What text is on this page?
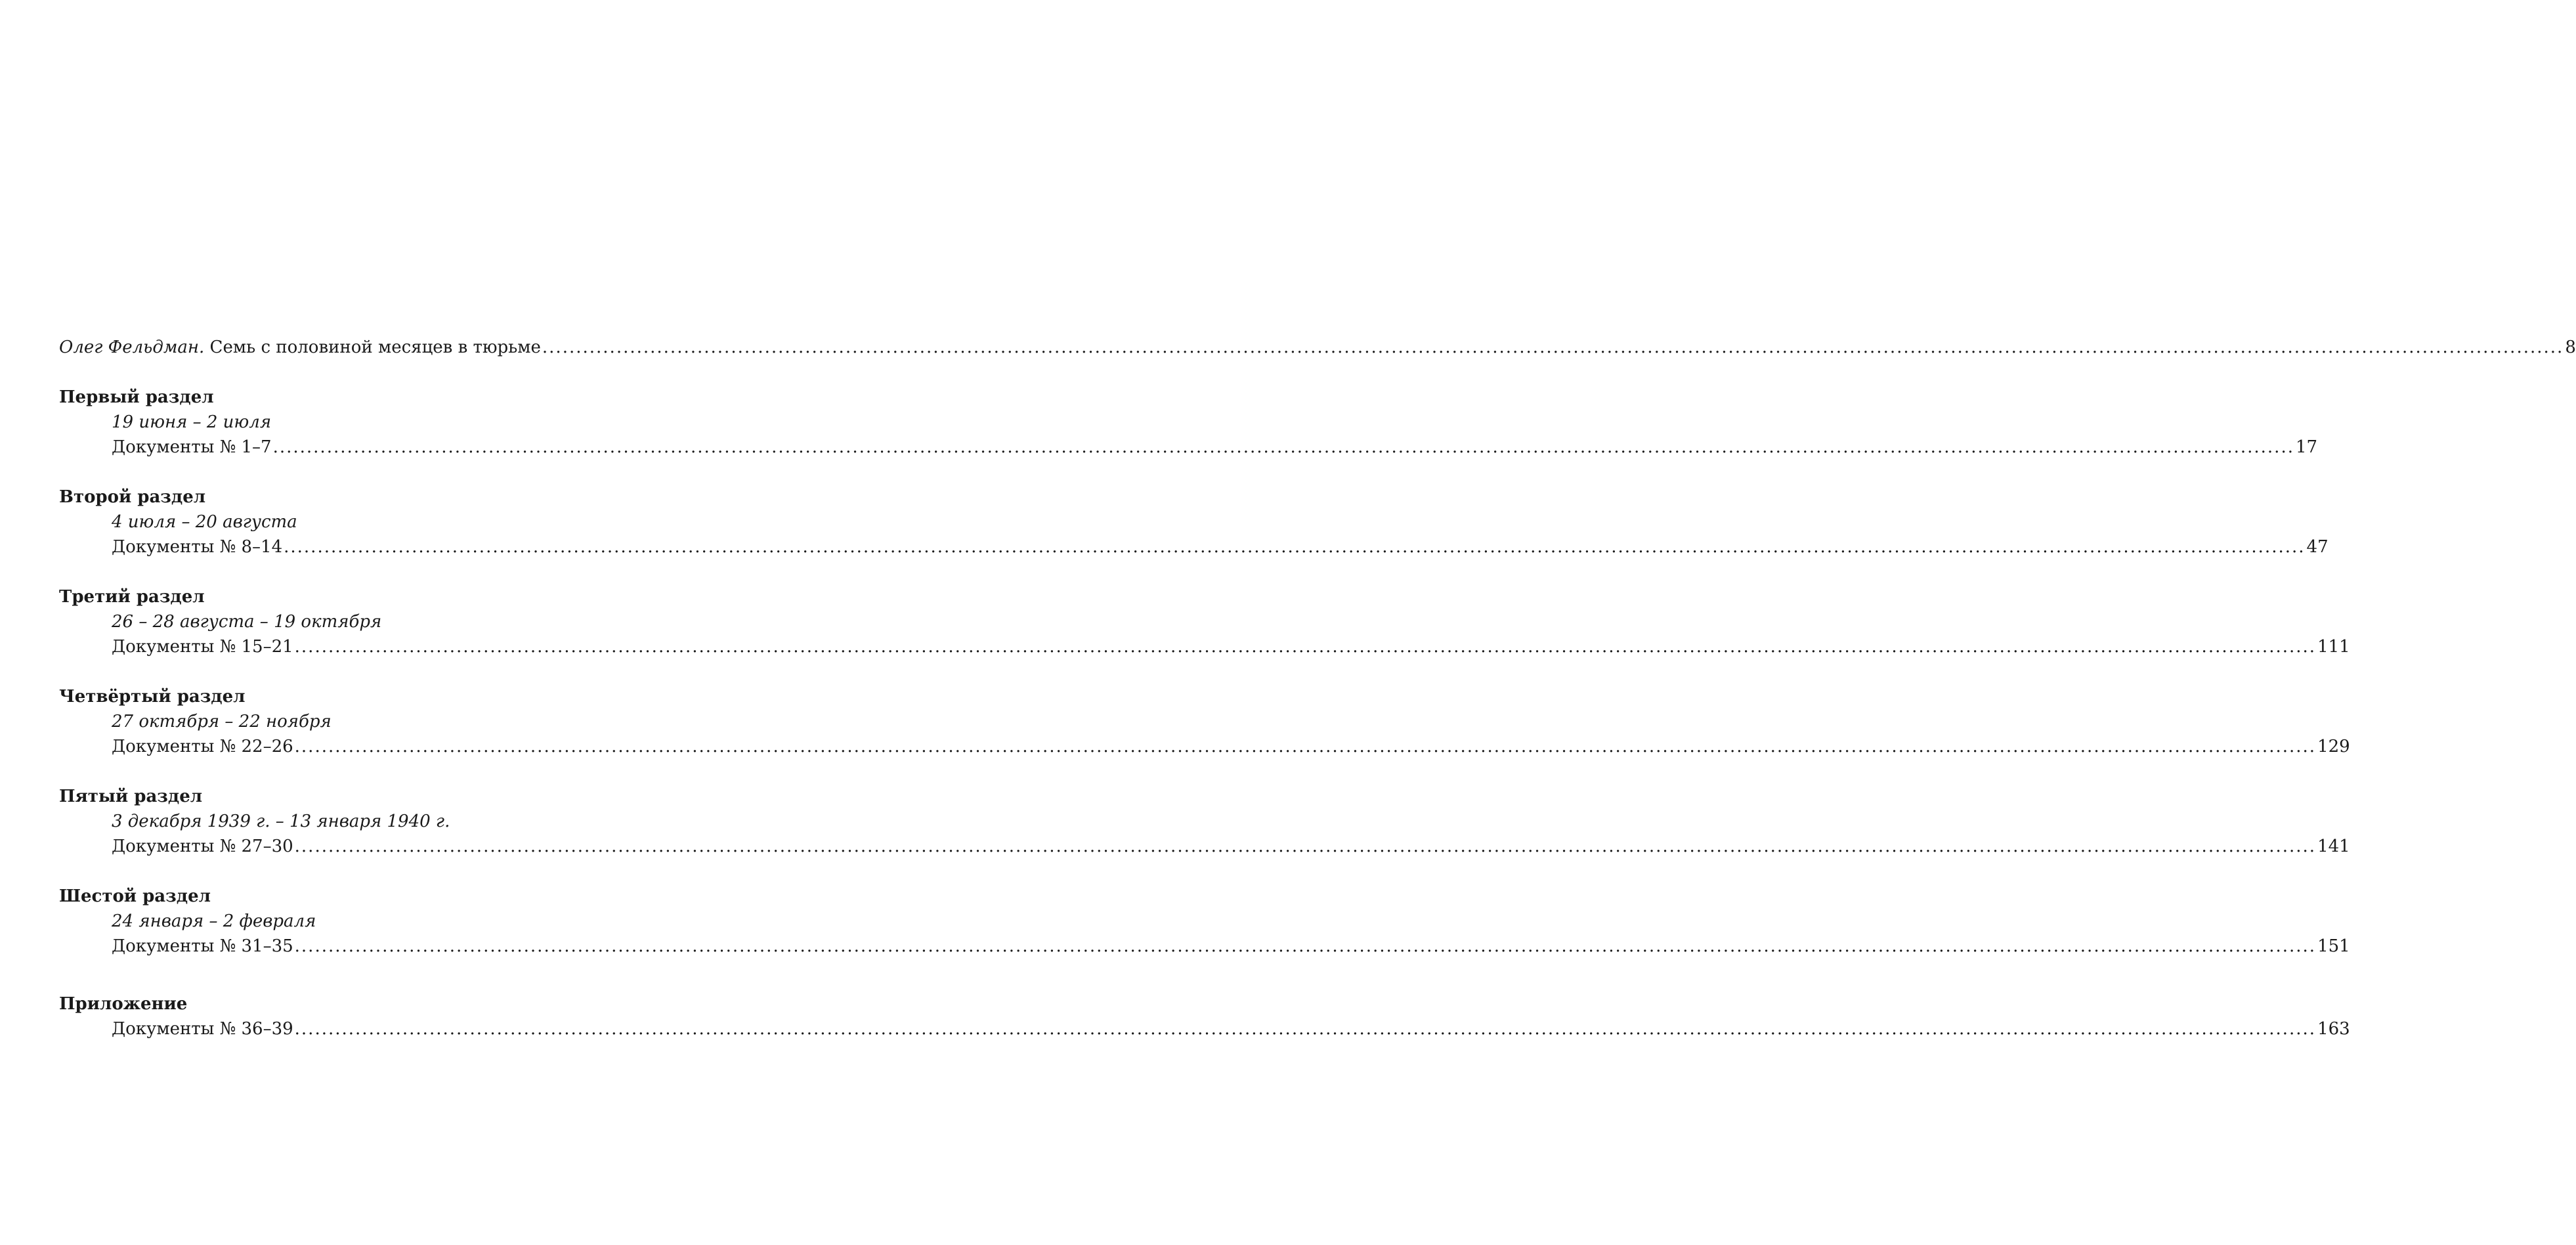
Олег Фельдман. Семь с половиной месяцев в тюрьме ............................................................................................................................................................................................................................................................................................................ 8
Первый раздел
19 июня – 2 июля
Документы № 1–7 ............................................................................................................................................................................................................................................................................................................ 17
Второй раздел
4 июля – 20 августа
Документы № 8–14 ............................................................................................................................................................................................................................................................................................................ 47
Третий раздел
26 – 28 августа – 19 октября
Документы № 15–21 ............................................................................................................................................................................................................................................................................................................ 111
Четвёртый раздел
27 октября – 22 ноября
Документы № 22–26 ............................................................................................................................................................................................................................................................................................................ 129
Пятый раздел
3 декабря 1939 г. – 13 января 1940 г.
Документы № 27–30 ............................................................................................................................................................................................................................................................................................................ 141
Шестой раздел
24 января – 2 февраля
Документы № 31–35 ............................................................................................................................................................................................................................................................................................................ 151
Приложение
Документы № 36–39 ............................................................................................................................................................................................................................................................................................................ 163
